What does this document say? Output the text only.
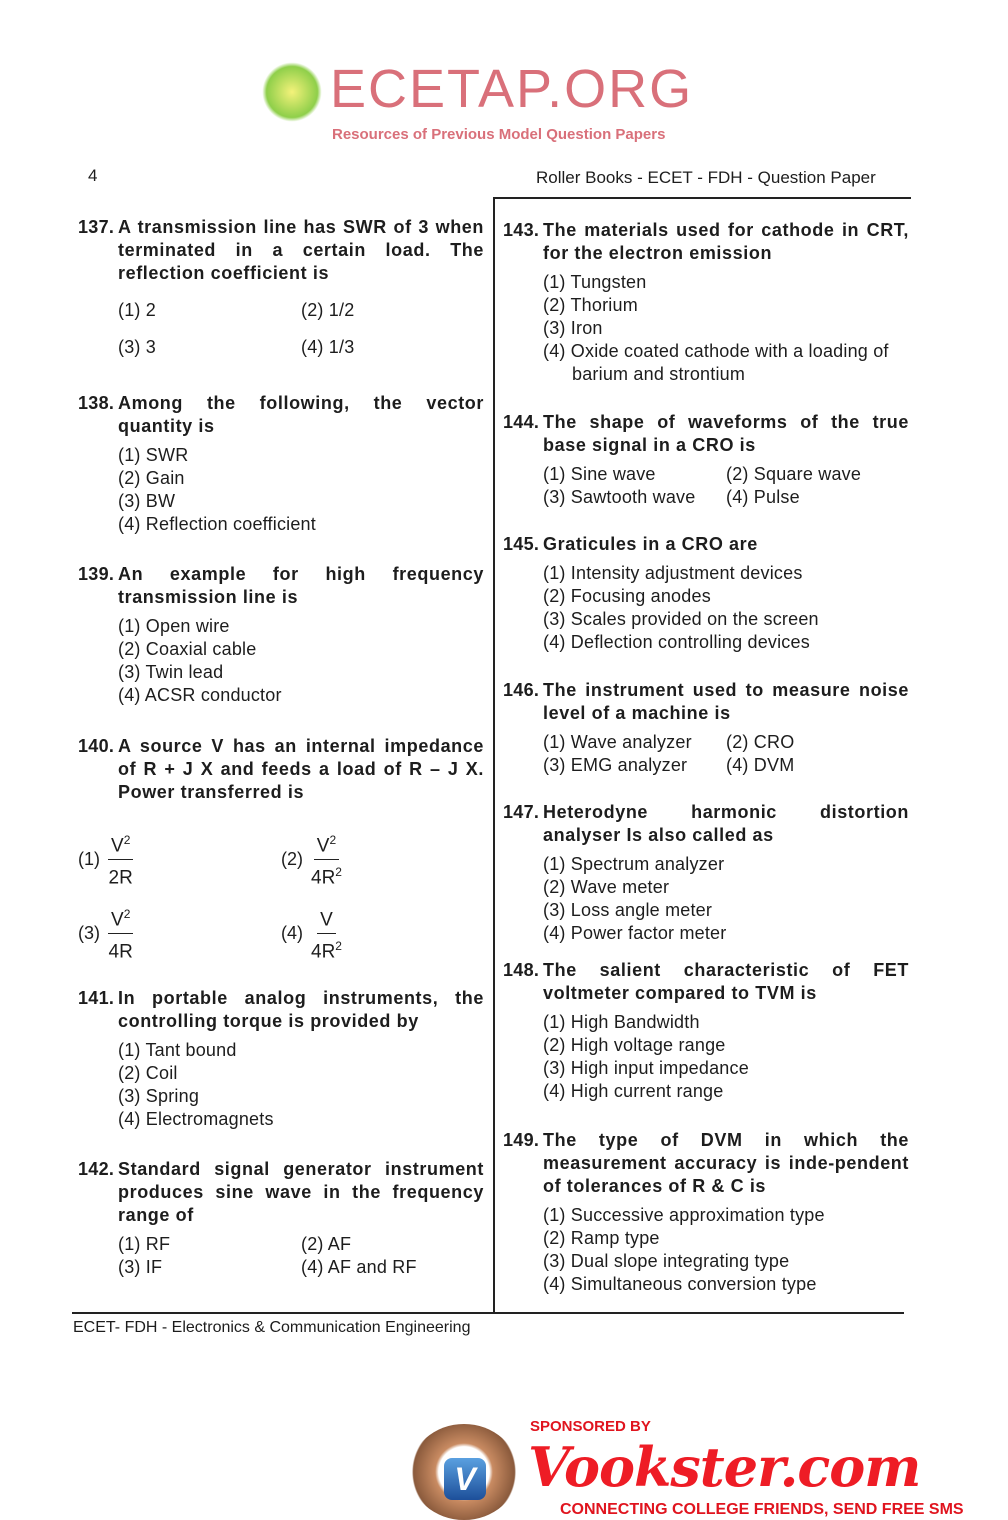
4	Roller Books - ECET - FDH - Question Paper
ECET- FDH - Electronics & Communication Engineering
137. A transmission line has SWR of 3 when terminated in a certain load. The reflection coefficient is
(1) 2	(2) 1/2
(3) 3	(4) 1/3
138. Among the following, the vector quantity is
(1) SWR
(2) Gain
(3) BW
(4) Reflection coefficient
139. An example for high frequency transmission line is
(1) Open wire
(2) Coaxial cable
(3) Twin lead
(4) ACSR conductor
140. A source V has an internal impedance of R + J X and feeds a load of R – J X. Power transferred is
$(1) \frac{V^2}{2R}$	$(2) \frac{V^2}{4R^2}$
$(3) \frac{V^2}{4R}$	$(4) \frac{V}{4R^2}$
141. In portable analog instruments, the controlling torque is provided by
(1) Tant bound
(2) Coil
(3) Spring
(4) Electromagnets
142. Standard signal generator instrument produces sine wave in the frequency range of
(1) RF	(2) AF
(3) IF	(4) AF and RF
143. The materials used for cathode in CRT, for the electron emission
(1) Tungsten
(2) Thorium
(3) Iron
(4) Oxide coated cathode with a loading of barium and strontium
144. The shape of waveforms of the true base signal in a CRO is
(1) Sine wave	(2) Square wave
(3) Sawtooth wave	(4) Pulse
145. Graticules in a CRO are
(1) Intensity adjustment devices
(2) Focusing anodes
(3) Scales provided on the screen
(4) Deflection controlling devices
146. The instrument used to measure noise level of a machine is
(1) Wave analyzer	(2) CRO
(3) EMG analyzer	(4) DVM
147. Heterodyne harmonic distortion analyser Is also called as
(1) Spectrum analyzer
(2) Wave meter
(3) Loss angle meter
(4) Power factor meter
148. The salient characteristic of FET voltmeter compared to TVM is
(1) High Bandwidth
(2) High voltage range
(3) High input impedance
(4) High current range
149. The type of DVM in which the measurement accuracy is inde-pendent of tolerances of R & C is
(1) Successive approximation type
(2) Ramp type
(3) Dual slope integrating type
(4) Simultaneous conversion type
ECETAP.ORG
Resources of Previous Model Question Papers
V
SPONSORED BY
Vookster.com
CONNECTING COLLEGE FRIENDS, SEND FREE SMS
